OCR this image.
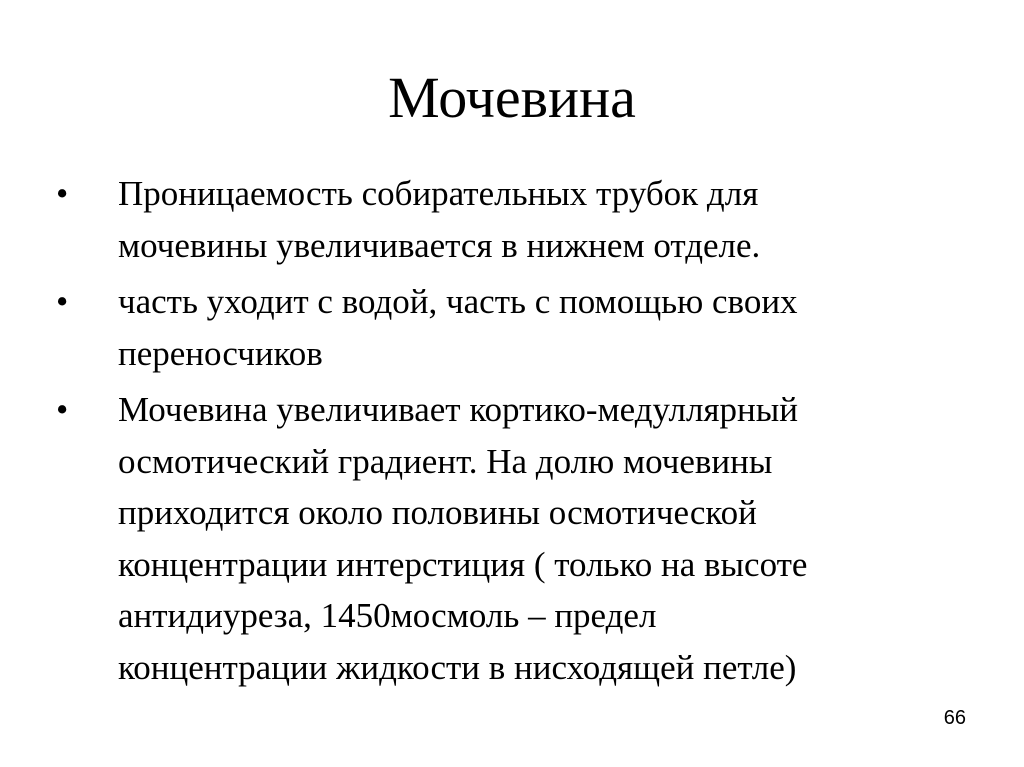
Мочевина
•	Проницаемость собирательных трубок для
мочевины увеличивается в нижнем отделе.
•	часть уходит с водой, часть с помощью своих
переносчиков
•	Мочевина увеличивает кортико-медуллярный
осмотический градиент. На долю мочевины
приходится около половины осмотической
концентрации интерстиция ( только на высоте
антидиуреза, 1450мосмоль – предел
концентрации жидкости в нисходящей петле)
66
